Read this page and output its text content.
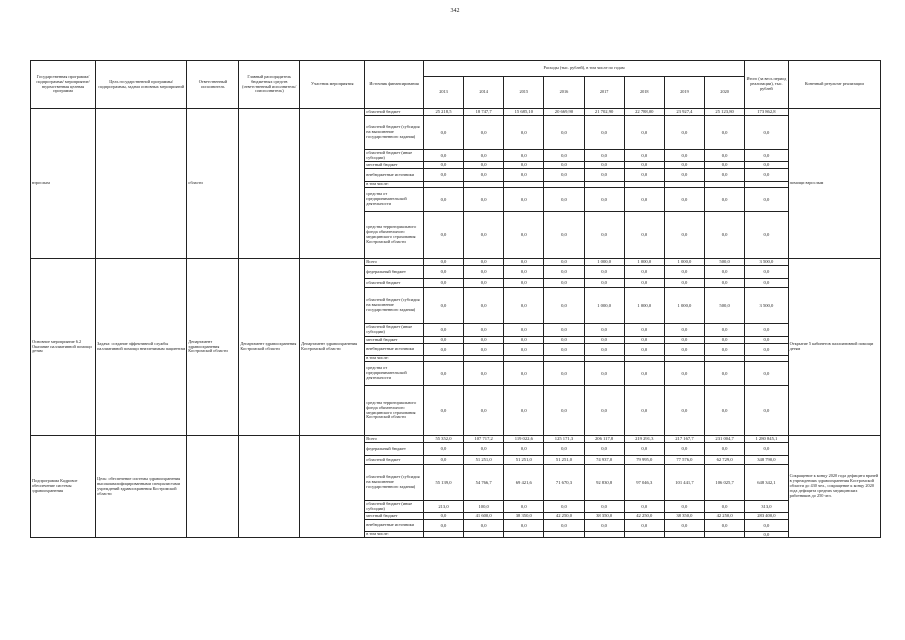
342
Государственная программа/подпрограмма/ мероприятие/ ведомственная целевая программа	Цель государственной программы/подпрограммы, задачи основных мероприятий	Ответственный исполнитель	Главный распорядитель бюджетных средств (ответственный исполнитель/ соисполнитель)	Участник мероприятия	Источник финансирования	Расходы (тыс. рублей), в том числе по годам								Итого (за весь период реализации), тыс. рублей	Конечный результат реализации
						2013	2014	2015	2016	2017	2018	2019	2020		
взрослым		области			областной бюджет	25 218,5	18 747,7	15 685,10	20 669,90	21 702,90	22 788,00	23 927,4	25 123,80	173 862,8	помощи взрослым
					областной бюджет (субсидия на выполнение государственного задания)	0,0	0,0	0,0	0,0	0,0	0,0	0,0	0,0	0,0	
					областной бюджет (иные субсидии)	0,0	0,0	0,0	0,0	0,0	0,0	0,0	0,0	0,0	
					местный бюджет	0,0	0,0	0,0	0,0	0,0	0,0	0,0	0,0	0,0	
					внебюджетные источники	0,0	0,0	0,0	0,0	0,0	0,0	0,0	0,0	0,0	
					в том числе:										
					средства от предпринимательской деятельности	0,0	0,0	0,0	0,0	0,0	0,0	0,0	0,0	0,0	
					средства территориального фонда обязательного медицинского страхования Костромской области	0,0	0,0	0,0	0,0	0,0	0,0	0,0	0,0	0,0	
Основное мероприятие 6.2 Оказание паллиативной помощи детям	Задача: создание эффективной службы паллиативной помощи неизлечимым пациентам	Департамент здравоохранения Костромской области	Департамент здравоохранения Костромской области	Департамент здравоохранения Костромской области	Всего	0,0	0,0	0,0	0,0	1 000,0	1 000,0	1 000,0	500,0	3 500,0	Открытие 5 кабинетов паллиативной помощи детям
					федеральный бюджет	0,0	0,0	0,0	0,0	0,0	0,0	0,0	0,0	0,0	
					областной бюджет	0,0	0,0	0,0	0,0	0,0	0,0	0,0	0,0	0,0	
					областной бюджет (субсидия на выполнение государственного задания)	0,0	0,0	0,0	0,0	1 000,0	1 000,0	1 000,0	500,0	3 500,0	
					областной бюджет (иные субсидии)	0,0	0,0	0,0	0,0	0,0	0,0	0,0	0,0	0,0	
					местный бюджет	0,0	0,0	0,0	0,0	0,0	0,0	0,0	0,0	0,0	
					внебюджетные источники	0,0	0,0	0,0	0,0	0,0	0,0	0,0	0,0	0,0	
					в том числе:										
					средства от предпринимательской деятельности	0,0	0,0	0,0	0,0	0,0	0,0	0,0	0,0	0,0	
					средства территориального фонда обязательного медицинского страхования Костромской области	0,0	0,0	0,0	0,0	0,0	0,0	0,0	0,0	0,0	
Подпрограмма Кадровое обеспечение системы здравоохранения	Цель: обеспечение системы здравоохранения высококвалифицированными специалистами учреждений здравоохранения Костромской области				Всего	55 352,0	107 717,2	119 022,6	125 171,3	206 117,8	219 291,3	217 167,7	231 004,7	1 280 845,1	Сокращение к концу 2020 года дефицита врачей в учреждениях здравоохранения Костромской области до 430 чел., сокращение к концу 2020 года дефицита средних медицинских работников до 250 чел.
					федеральный бюджет	0,0	0,0	0,0	0,0	0,0	0,0	0,0	0,0	0,0	
					областной бюджет	0,0	51 251,0	51 251,0	51 251,0	74 937,0	79 995,0	77 576,0	62 729,0	348 790,0	
					областной бюджет (субсидия на выполнение государственного задания)	55 139,0	54 766,7	69 421,6	71 670,3	92 830,8	97 046,3	101 441,7	106 025,7	648 342,1	
					областной бюджет (иные субсидии)	213,0	100,0	0,0	0,0	0,0	0,0	0,0	0,0	313,0	
					местный бюджет	0,0	41 600,0	38 350,0	42 250,0	38 350,0	42 250,0	38 350,0	42 250,0	283 400,0	
					внебюджетные источники	0,0	0,0	0,0	0,0	0,0	0,0	0,0	0,0	0,0	
					в том числе:									0,0	
